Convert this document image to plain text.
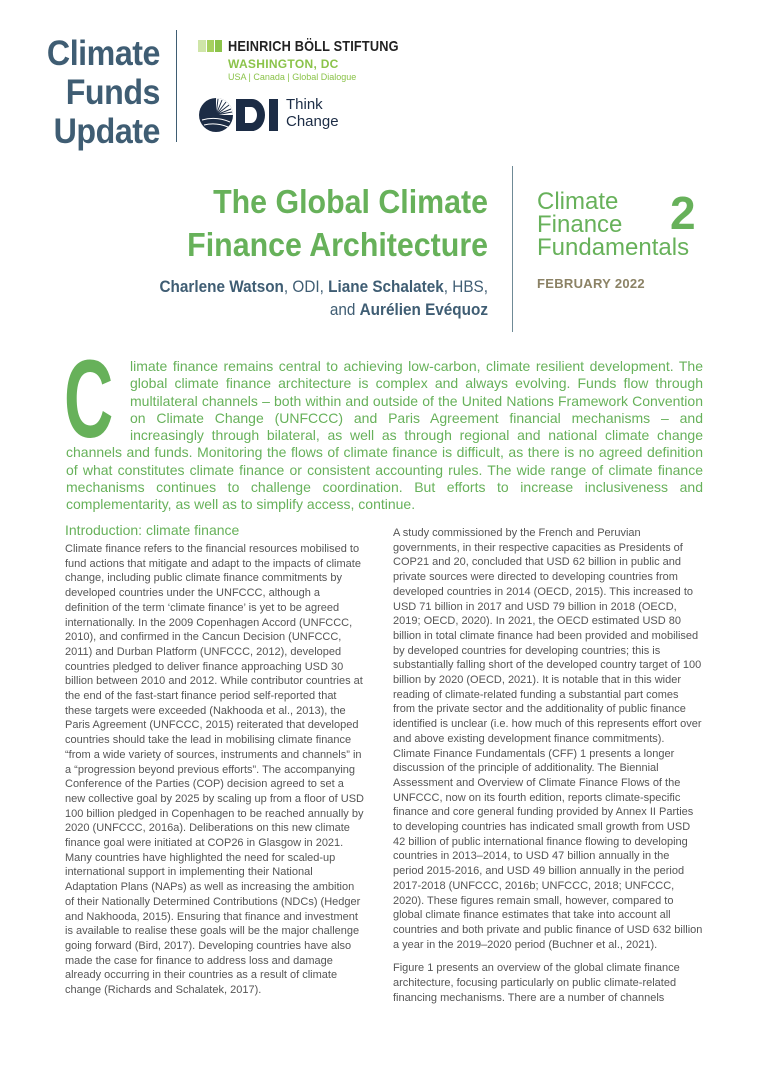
Climate
Funds
Update
HEINRICH BÖLL STIFTUNG
WASHINGTON, DC
USA | Canada | Global Dialogue
Think
Change
The Global Climate
Finance Architecture
Charlene Watson, ODI, Liane Schalatek, HBS,
and Aurélien Evéquoz
Climate
Finance
Fundamentals
2
FEBRUARY 2022
C limate finance remains central to achieving low-carbon, climate resilient development. The global climate finance architecture is complex and always evolving. Funds flow through multilateral channels – both within and outside of the United Nations Framework Convention on Climate Change (UNFCCC) and Paris Agreement financial mechanisms – and increasingly through bilateral, as well as through regional and national climate change channels and funds. Monitoring the flows of climate finance is difficult, as there is no agreed definition of what constitutes climate finance or consistent accounting rules. The wide range of climate finance mechanisms continues to challenge coordination. But efforts to increase inclusiveness and complementarity, as well as to simplify access, continue.
Introduction: climate finance

Climate finance refers to the financial resources mobilised to fund actions that mitigate and adapt to the impacts of climate change, including public climate finance commitments by developed countries under the UNFCCC, although a definition of the term ‘climate finance’ is yet to be agreed internationally. In the 2009 Copenhagen Accord (UNFCCC, 2010), and confirmed in the Cancun Decision (UNFCCC, 2011) and Durban Platform (UNFCCC, 2012), developed countries pledged to deliver finance approaching USD 30 billion between 2010 and 2012. While contributor countries at the end of the fast-start finance period self-reported that these targets were exceeded (Nakhooda et al., 2013), the Paris Agreement (UNFCCC, 2015) reiterated that developed countries should take the lead in mobilising climate finance “from a wide variety of sources, instruments and channels” in a “progression beyond previous efforts”. The accompanying Conference of the Parties (COP) decision agreed to set a new collective goal by 2025 by scaling up from a floor of USD 100 billion pledged in Copenhagen to be reached annually by 2020 (UNFCCC, 2016a). Deliberations on this new climate finance goal were initiated at COP26 in Glasgow in 2021. Many countries have highlighted the need for scaled-up international support in implementing their National Adaptation Plans (NAPs) as well as increasing the ambition of their Nationally Determined Contributions (NDCs) (Hedger and Nakhooda, 2015). Ensuring that finance and investment is available to realise these goals will be the major challenge going forward (Bird, 2017). Developing countries have also made the case for finance to address loss and damage already occurring in their countries as a result of climate change (Richards and Schalatek, 2017).

A study commissioned by the French and Peruvian governments, in their respective capacities as Presidents of COP21 and 20, concluded that USD 62 billion in public and private sources were directed to developing countries from developed countries in 2014 (OECD, 2015). This increased to USD 71 billion in 2017 and USD 79 billion in 2018 (OECD, 2019; OECD, 2020). In 2021, the OECD estimated USD 80 billion in total climate finance had been provided and mobilised by developed countries for developing countries; this is substantially falling short of the developed country target of 100 billion by 2020 (OECD, 2021). It is notable that in this wider reading of climate-related funding a substantial part comes from the private sector and the additionality of public finance identified is unclear (i.e. how much of this represents effort over and above existing development finance commitments). Climate Finance Fundamentals (CFF) 1 presents a longer discussion of the principle of additionality. The Biennial Assessment and Overview of Climate Finance Flows of the UNFCCC, now on its fourth edition, reports climate-specific finance and core general funding provided by Annex II Parties to developing countries has indicated small growth from USD 42 billion of public international finance flowing to developing countries in 2013–2014, to USD 47 billion annually in the period 2015-2016, and USD 49 billion annually in the period 2017-2018 (UNFCCC, 2016b; UNFCCC, 2018; UNFCCC, 2020). These figures remain small, however, compared to global climate finance estimates that take into account all countries and both private and public finance of USD 632 billion a year in the 2019–2020 period (Buchner et al., 2021).

Figure 1 presents an overview of the global climate finance architecture, focusing particularly on public climate-related financing mechanisms. There are a number of channels
